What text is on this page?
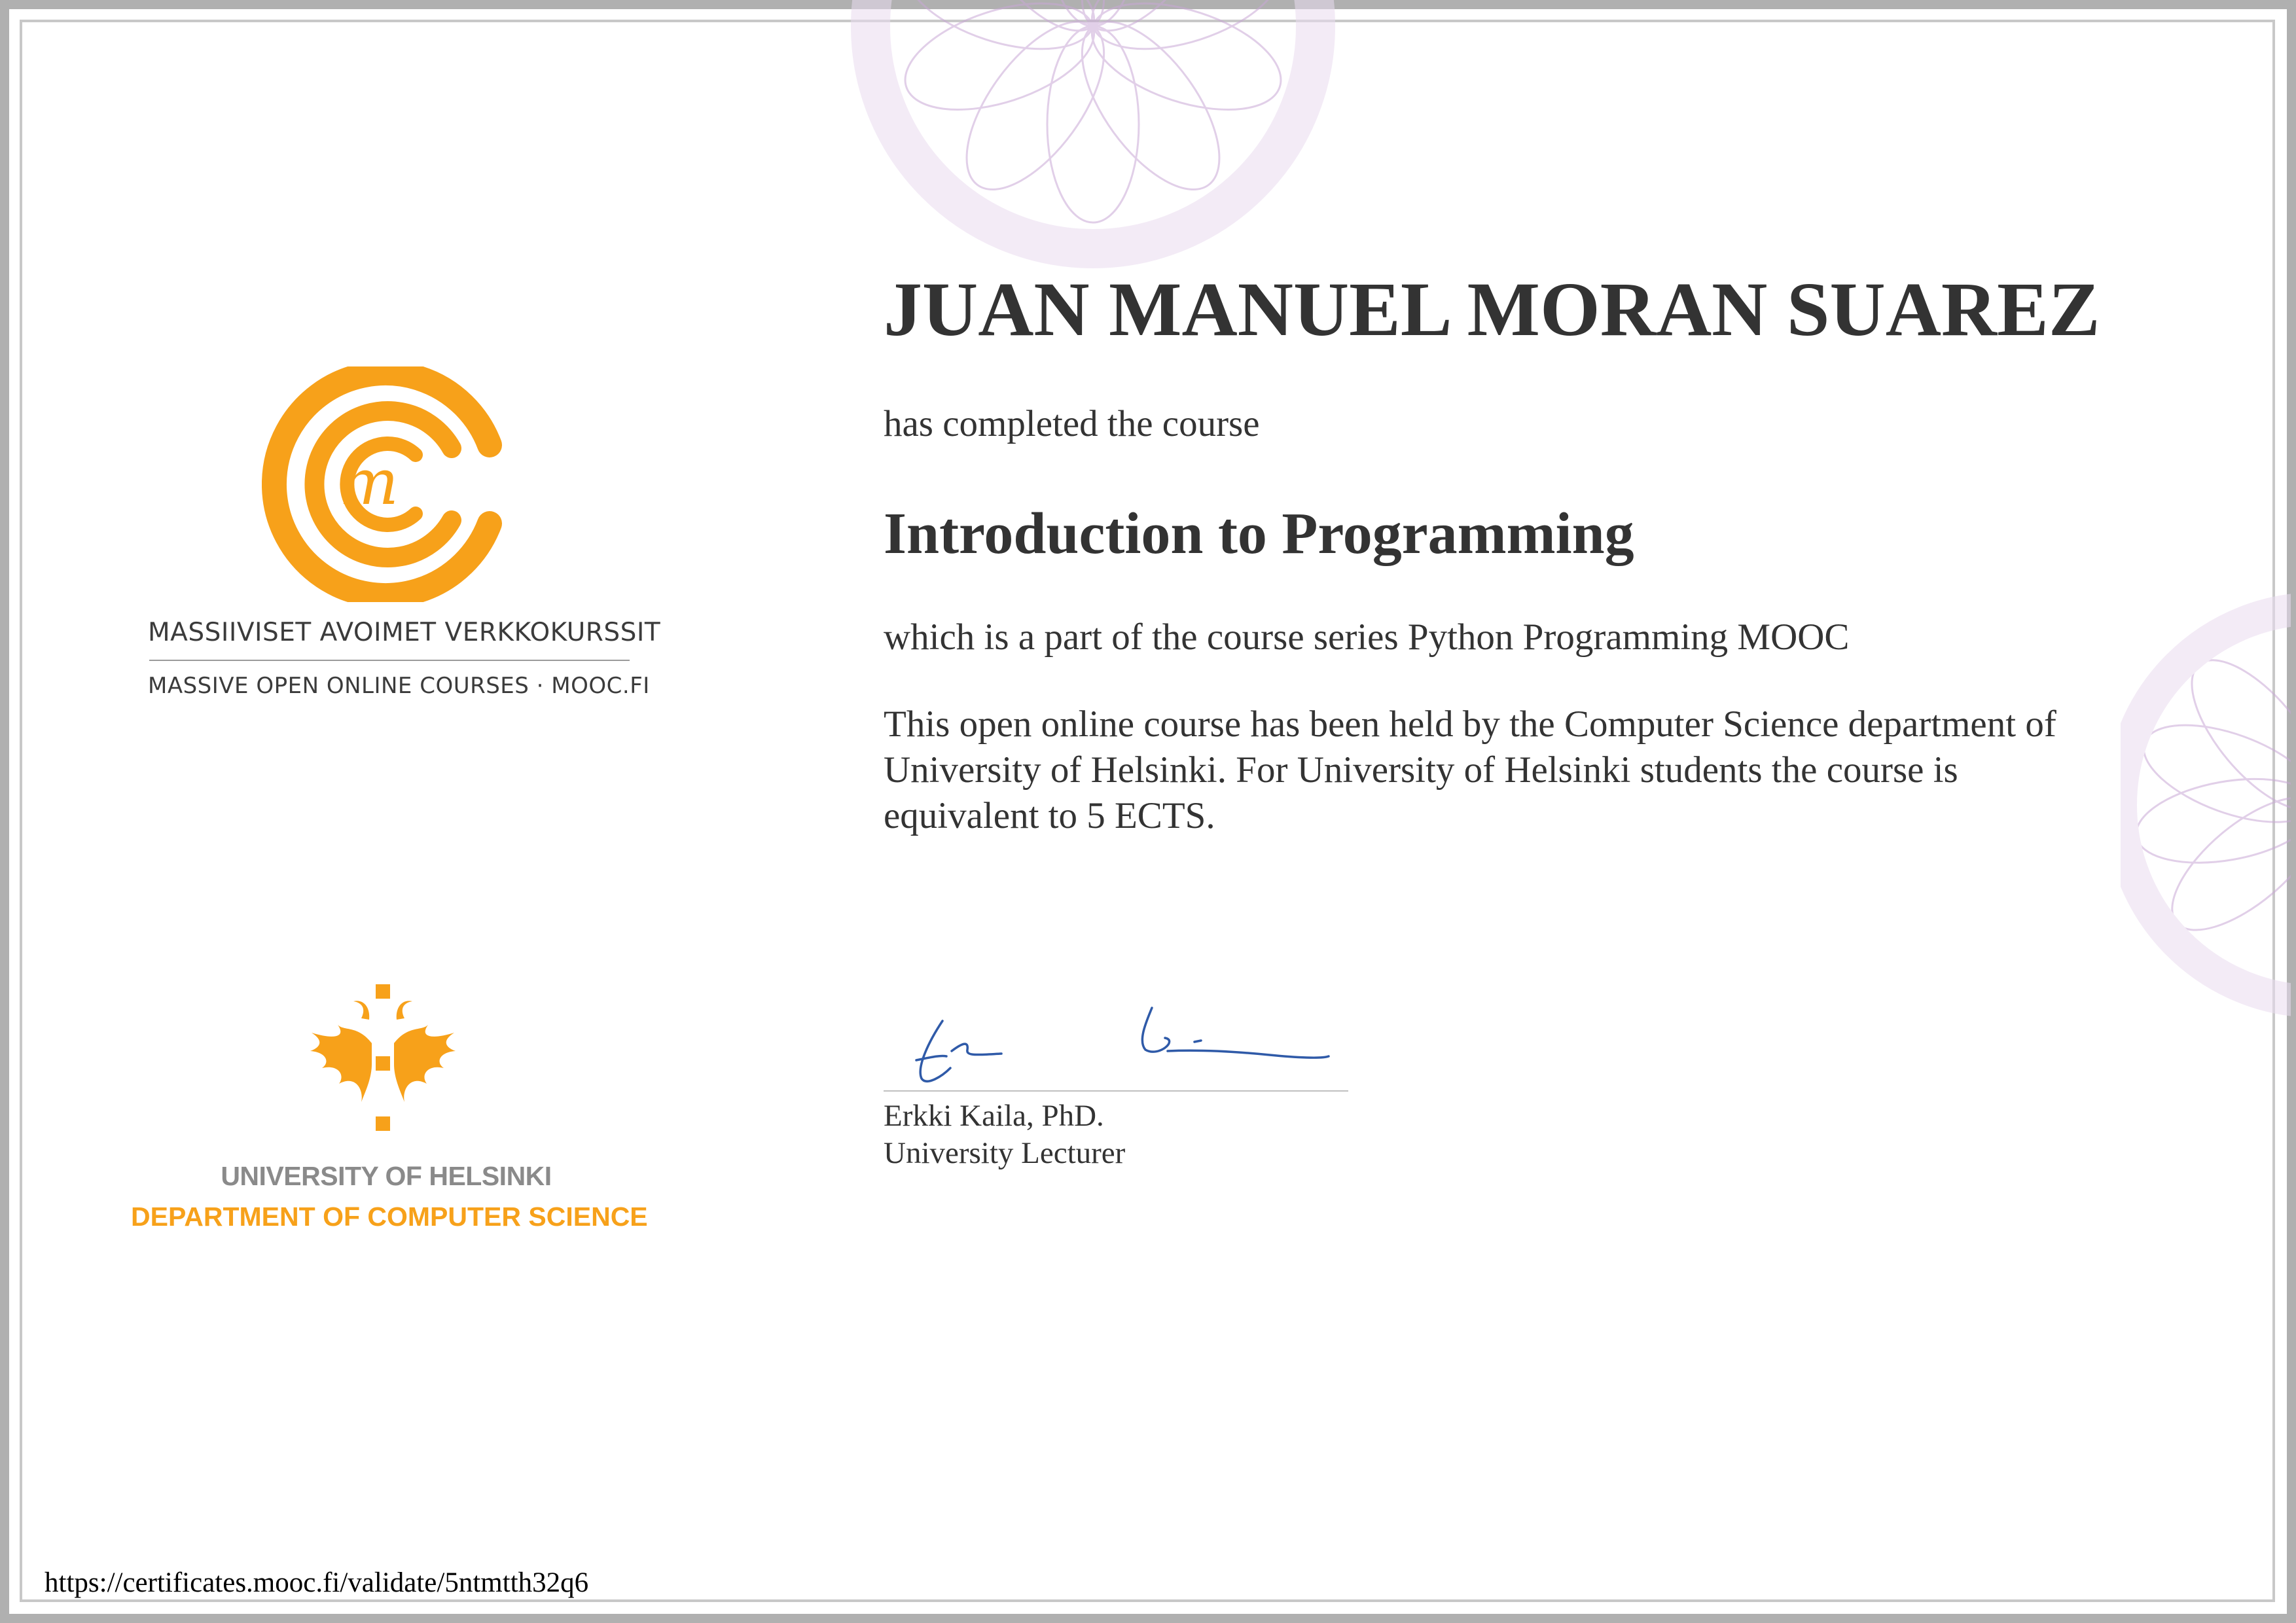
m
MASSIIVISET AVOIMET VERKKOKURSSIT
MASSIVE OPEN ONLINE COURSES · MOOC.FI
UNIVERSITY OF HELSINKI
DEPARTMENT OF COMPUTER SCIENCE
JUAN MANUEL MORAN SUAREZ
has completed the course
Introduction to Programming
which is a part of the course series Python Programming MOOC
This open online course has been held by the Computer Science department of University of Helsinki. For University of Helsinki students the course is equivalent to 5 ECTS.
Erkki Kaila, PhD.
University Lecturer
https://certificates.mooc.fi/validate/5ntmtth32q6
